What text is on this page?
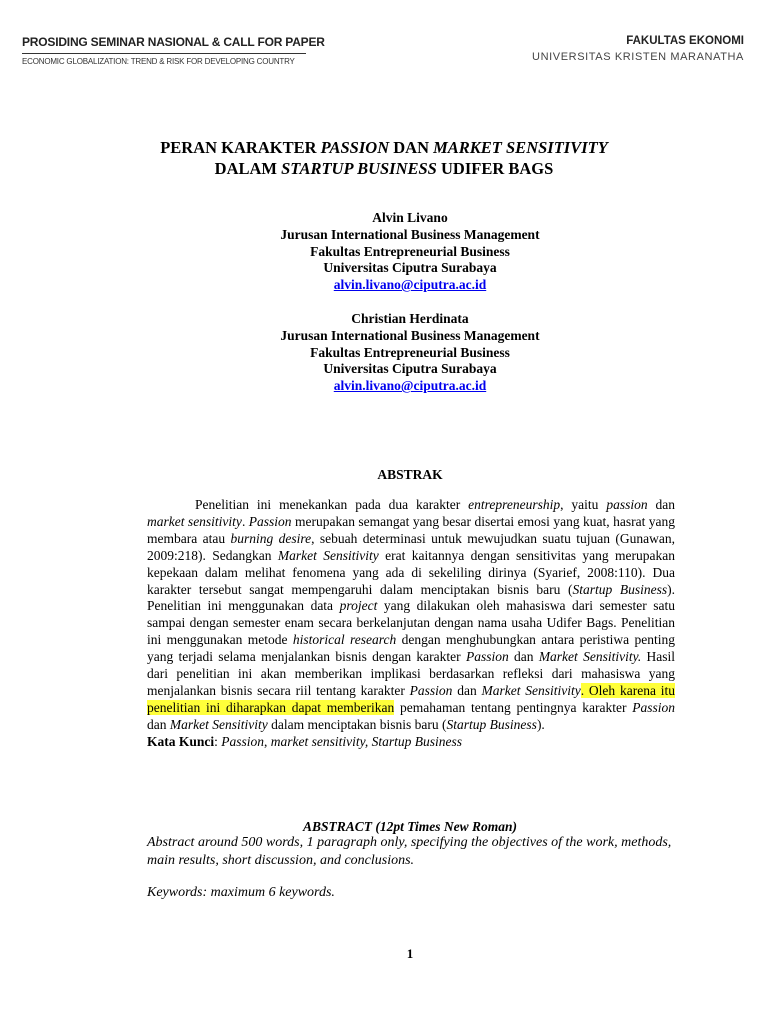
PROSIDING SEMINAR NASIONAL & CALL FOR PAPER
ECONOMIC GLOBALIZATION: TREND & RISK FOR DEVELOPING COUNTRY
FAKULTAS EKONOMI
UNIVERSITAS KRISTEN MARANATHA
PERAN KARAKTER PASSION DAN MARKET SENSITIVITY
DALAM STARTUP BUSINESS UDIFER BAGS
Alvin Livano
Jurusan International Business Management
Fakultas Entrepreneurial Business
Universitas Ciputra Surabaya
alvin.livano@ciputra.ac.id
Christian Herdinata
Jurusan International Business Management
Fakultas Entrepreneurial Business
Universitas Ciputra Surabaya
alvin.livano@ciputra.ac.id
ABSTRAK

Penelitian ini menekankan pada dua karakter entrepreneurship, yaitu passion dan market sensitivity. Passion merupakan semangat yang besar disertai emosi yang kuat, hasrat yang membara atau burning desire, sebuah determinasi untuk mewujudkan suatu tujuan (Gunawan, 2009:218). Sedangkan Market Sensitivity erat kaitannya dengan sensitivitas yang merupakan kepekaan dalam melihat fenomena yang ada di sekeliling dirinya (Syarief, 2008:110). Dua karakter tersebut sangat mempengaruhi dalam menciptakan bisnis baru (Startup Business). Penelitian ini menggunakan data project yang dilakukan oleh mahasiswa dari semester satu sampai dengan semester enam secara berkelanjutan dengan nama usaha Udifer Bags. Penelitian ini menggunakan metode historical research dengan menghubungkan antara peristiwa penting yang terjadi selama menjalankan bisnis dengan karakter Passion dan Market Sensitivity. Hasil dari penelitian ini akan memberikan implikasi berdasarkan refleksi dari mahasiswa yang menjalankan bisnis secara riil tentang karakter Passion dan Market Sensitivity. Oleh karena itu penelitian ini diharapkan dapat memberikan pemahaman tentang pentingnya karakter Passion dan Market Sensitivity dalam menciptakan bisnis baru (Startup Business).

Kata Kunci: Passion, market sensitivity, Startup Business

ABSTRACT (12pt Times New Roman)
Abstract around 500 words, 1 paragraph only, specifying the objectives of the work, methods, main results, short discussion, and conclusions.
Keywords: maximum 6 keywords.
1
